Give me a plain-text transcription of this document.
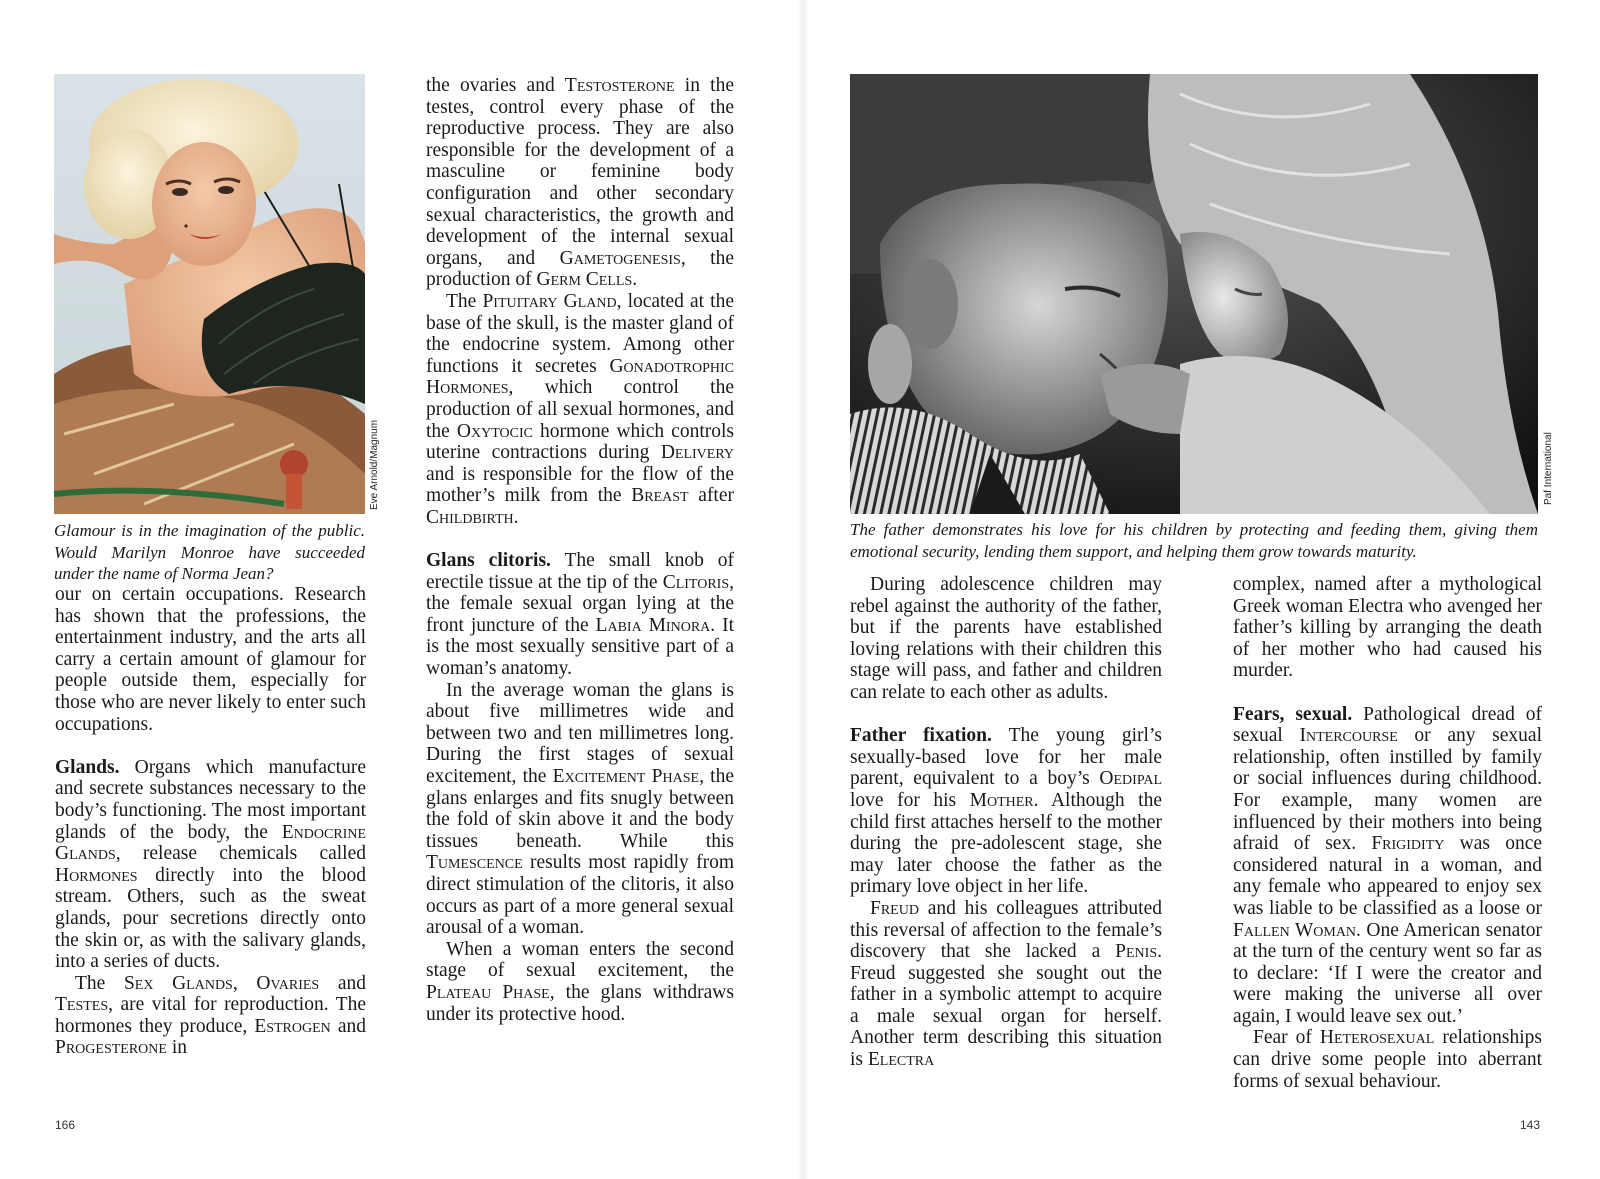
Eve Arnold/Magnum
Glamour is in the imagination of the public. Would Marilyn Monroe have succeeded under the name of Norma Jean?

our on certain occupations. Research has shown that the professions, the entertainment industry, and the arts all carry a certain amount of glamour for people outside them, especially for those who are never likely to enter such occupations.

Glands. Organs which manufacture and secrete substances necessary to the body’s functioning. The most important glands of the body, the Endocrine Glands, release chemicals called Hormones directly into the blood stream. Others, such as the sweat glands, pour secretions directly onto the skin or, as with the salivary glands, into a series of ducts.

The Sex Glands, Ovaries and Testes, are vital for reproduction. The hormones they produce, Estrogen and Progesterone in

the ovaries and Testosterone in the testes, control every phase of the reproductive process. They are also responsible for the development of a masculine or feminine body configuration and other secondary sexual characteristics, the growth and development of the internal sexual organs, and Gametogenesis, the production of Germ Cells.

The Pituitary Gland, located at the base of the skull, is the master gland of the endocrine system. Among other functions it secretes Gonadotrophic Hormones, which control the production of all sexual hormones, and the Oxytocic hormone which controls uterine contractions during Delivery and is responsible for the flow of the mother’s milk from the Breast after Childbirth.

Glans clitoris. The small knob of erectile tissue at the tip of the Clitoris, the female sexual organ lying at the front juncture of the Labia Minora. It is the most sexually sensitive part of a woman’s anatomy.

In the average woman the glans is about five millimetres wide and between two and ten millimetres long. During the first stages of sexual excitement, the Excitement Phase, the glans enlarges and fits snugly between the fold of skin above it and the body tissues beneath. While this Tumescence results most rapidly from direct stimulation of the clitoris, it also occurs as part of a more general sexual arousal of a woman.

When a woman enters the second stage of sexual excitement, the Plateau Phase, the glans withdraws under its protective hood.

166
Paf International
The father demonstrates his love for his children by protecting and feeding them, giving them emotional security, lending them support, and helping them grow towards maturity.

During adolescence children may rebel against the authority of the father, but if the parents have established loving relations with their children this stage will pass, and father and children can relate to each other as adults.

Father fixation. The young girl’s sexually-based love for her male parent, equivalent to a boy’s Oedipal love for his Mother. Although the child first attaches herself to the mother during the pre-adolescent stage, she may later choose the father as the primary love object in her life.

Freud and his colleagues attributed this reversal of affection to the female’s discovery that she lacked a Penis. Freud suggested she sought out the father in a symbolic attempt to acquire a male sexual organ for herself. Another term describing this situation is Electra

complex, named after a mythological Greek woman Electra who avenged her father’s killing by arranging the death of her mother who had caused his murder.

Fears, sexual. Pathological dread of sexual Intercourse or any sexual relationship, often instilled by family or social influences during childhood. For example, many women are influenced by their mothers into being afraid of sex. Frigidity was once considered natural in a woman, and any female who appeared to enjoy sex was liable to be classified as a loose or Fallen Woman. One American senator at the turn of the century went so far as to declare: ‘If I were the creator and were making the universe all over again, I would leave sex out.’

Fear of Heterosexual relationships can drive some people into aberrant forms of sexual behaviour.

143
